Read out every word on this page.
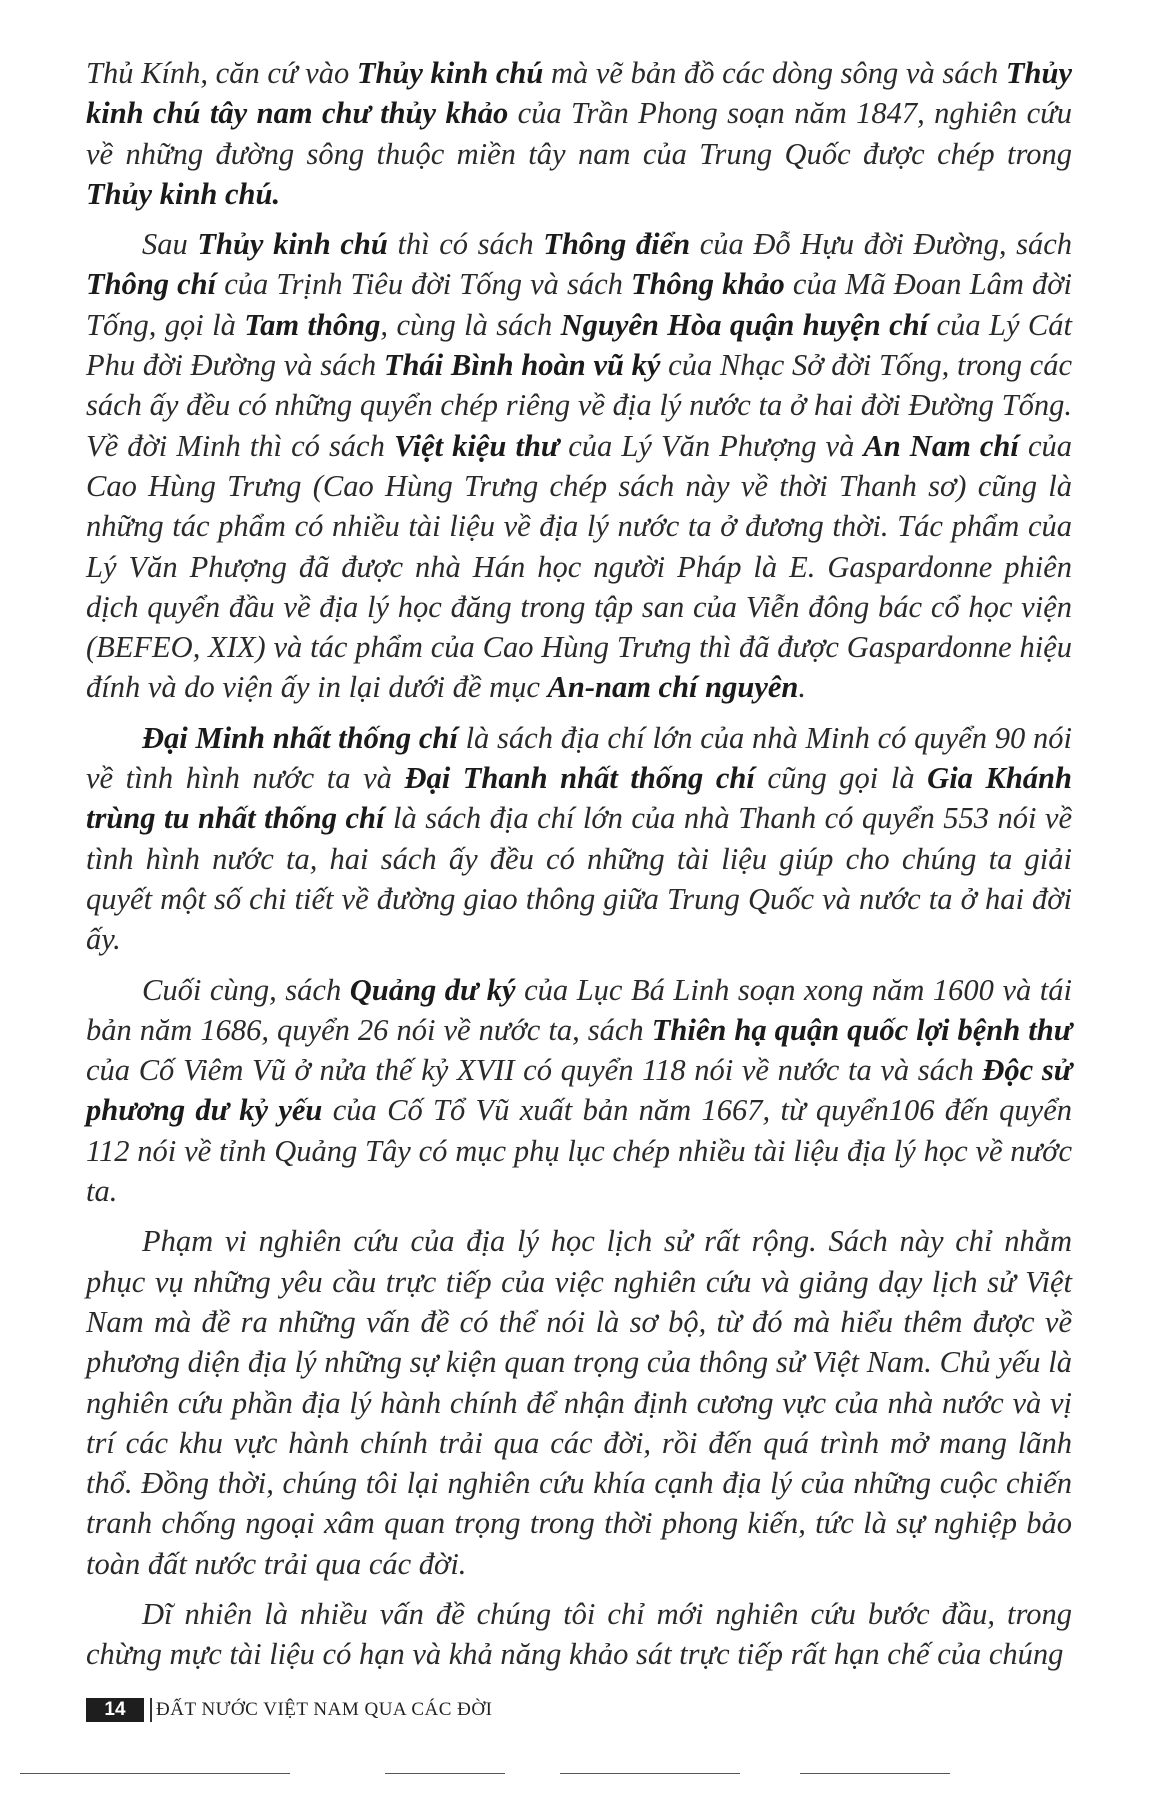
Thủ Kính, căn cứ vào Thủy kinh chú mà vẽ bản đồ các dòng sông và sách Thủy kinh chú tây nam chư thủy khảo của Trần Phong soạn năm 1847, nghiên cứu về những đường sông thuộc miền tây nam của Trung Quốc được chép trong Thủy kinh chú.

Sau Thủy kinh chú thì có sách Thông điển của Đỗ Hựu đời Đường, sách Thông chí của Trịnh Tiêu đời Tống và sách Thông khảo của Mã Đoan Lâm đời Tống, gọi là Tam thông, cùng là sách Nguyên Hòa quận huyện chí của Lý Cát Phu đời Đường và sách Thái Bình hoàn vũ ký của Nhạc Sở đời Tống, trong các sách ấy đều có những quyển chép riêng về địa lý nước ta ở hai đời Đường Tống. Về đời Minh thì có sách Việt kiệu thư của Lý Văn Phượng và An Nam chí của Cao Hùng Trưng (Cao Hùng Trưng chép sách này về thời Thanh sơ) cũng là những tác phẩm có nhiều tài liệu về địa lý nước ta ở đương thời. Tác phẩm của Lý Văn Phượng đã được nhà Hán học người Pháp là E. Gaspardonne phiên dịch quyển đầu về địa lý học đăng trong tập san của Viễn đông bác cổ học viện (BEFEO, XIX) và tác phẩm của Cao Hùng Trưng thì đã được Gaspardonne hiệu đính và do viện ấy in lại dưới đề mục An-nam chí nguyên.

Đại Minh nhất thống chí là sách địa chí lớn của nhà Minh có quyển 90 nói về tình hình nước ta và Đại Thanh nhất thống chí cũng gọi là Gia Khánh trùng tu nhất thống chí là sách địa chí lớn của nhà Thanh có quyển 553 nói về tình hình nước ta, hai sách ấy đều có những tài liệu giúp cho chúng ta giải quyết một số chi tiết về đường giao thông giữa Trung Quốc và nước ta ở hai đời ấy.

Cuối cùng, sách Quảng dư ký của Lục Bá Linh soạn xong năm 1600 và tái bản năm 1686, quyển 26 nói về nước ta, sách Thiên hạ quận quốc lợi bệnh thư của Cố Viêm Vũ ở nửa thế kỷ XVII có quyển 118 nói về nước ta và sách Độc sử phương dư kỷ yếu của Cố Tổ Vũ xuất bản năm 1667, từ quyển106 đến quyển 112 nói về tỉnh Quảng Tây có mục phụ lục chép nhiều tài liệu địa lý học về nước ta.

Phạm vi nghiên cứu của địa lý học lịch sử rất rộng. Sách này chỉ nhằm phục vụ những yêu cầu trực tiếp của việc nghiên cứu và giảng dạy lịch sử Việt Nam mà đề ra những vấn đề có thể nói là sơ bộ, từ đó mà hiểu thêm được về phương diện địa lý những sự kiện quan trọng của thông sử Việt Nam. Chủ yếu là nghiên cứu phần địa lý hành chính để nhận định cương vực của nhà nước và vị trí các khu vực hành chính trải qua các đời, rồi đến quá trình mở mang lãnh thổ. Đồng thời, chúng tôi lại nghiên cứu khía cạnh địa lý của những cuộc chiến tranh chống ngoại xâm quan trọng trong thời phong kiến, tức là sự nghiệp bảo toàn đất nước trải qua các đời.

Dĩ nhiên là nhiều vấn đề chúng tôi chỉ mới nghiên cứu bước đầu, trong chừng mực tài liệu có hạn và khả năng khảo sát trực tiếp rất hạn chế của chúng

14	ĐẤT NƯỚC VIỆT NAM QUA CÁC ĐỜI
